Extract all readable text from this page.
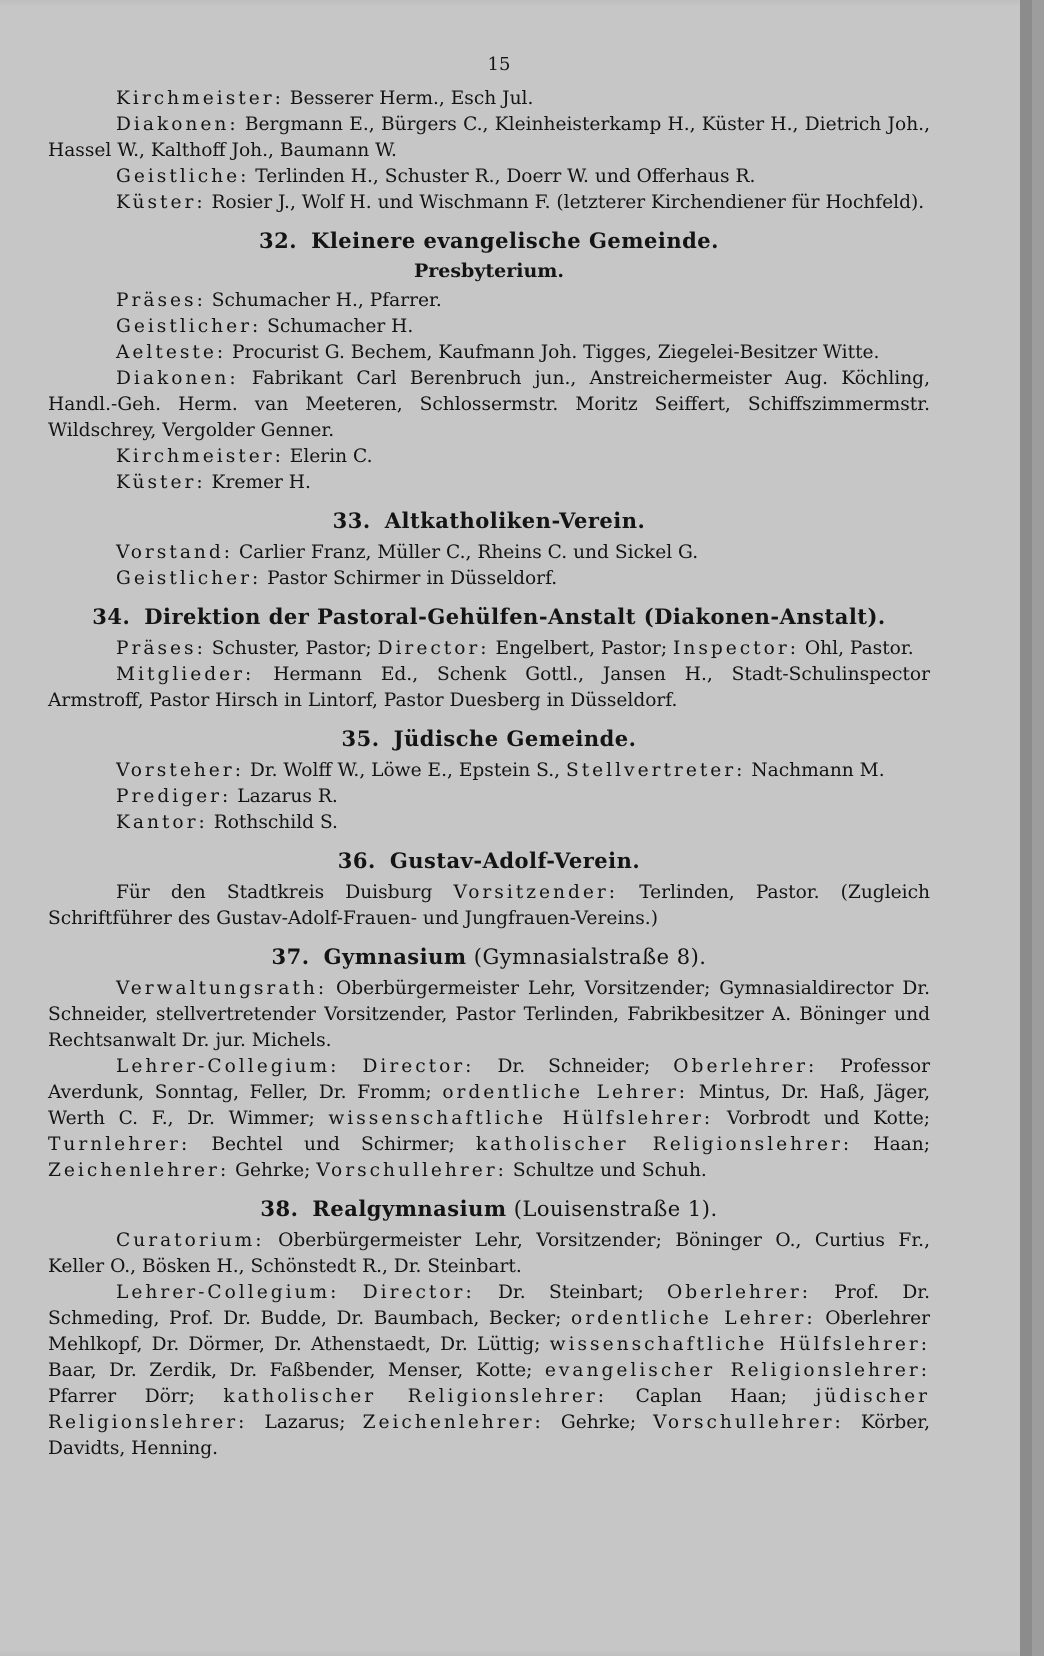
15

Kirchmeister: Besserer Herm., Esch Jul.

Diakonen: Bergmann E., Bürgers C., Kleinheisterkamp H., Küster H., Dietrich Joh., Hassel W., Kalthoff Joh., Baumann W.

Geistliche: Terlinden H., Schuster R., Doerr W. und Offerhaus R.

Küster: Rosier J., Wolf H. und Wischmann F. (letzterer Kirchendiener für Hochfeld).

32. Kleinere evangelische Gemeinde.
Presbyterium.

Präses: Schumacher H., Pfarrer.

Geistlicher: Schumacher H.

Aelteste: Procurist G. Bechem, Kaufmann Joh. Tigges, Ziegelei-Besitzer Witte.

Diakonen: Fabrikant Carl Berenbruch jun., Anstreichermeister Aug. Köchling, Handl.-Geh. Herm. van Meeteren, Schlossermstr. Moritz Seiffert, Schiffszimmermstr. Wildschrey, Vergolder Genner.

Kirchmeister: Elerin C.

Küster: Kremer H.

33. Altkatholiken-Verein.

Vorstand: Carlier Franz, Müller C., Rheins C. und Sickel G.

Geistlicher: Pastor Schirmer in Düsseldorf.

34. Direktion der Pastoral-Gehülfen-Anstalt (Diakonen-Anstalt).

Präses: Schuster, Pastor; Director: Engelbert, Pastor; Inspector: Ohl, Pastor.

Mitglieder: Hermann Ed., Schenk Gottl., Jansen H., Stadt-Schulinspector Armstroff, Pastor Hirsch in Lintorf, Pastor Duesberg in Düsseldorf.

35. Jüdische Gemeinde.

Vorsteher: Dr. Wolff W., Löwe E., Epstein S., Stellvertreter: Nachmann M.

Prediger: Lazarus R.

Kantor: Rothschild S.

36. Gustav-Adolf-Verein.

Für den Stadtkreis Duisburg Vorsitzender: Terlinden, Pastor. (Zugleich Schriftführer des Gustav-Adolf-Frauen- und Jungfrauen-Vereins.)

37. Gymnasium (Gymnasialstraße 8).

Verwaltungsrath: Oberbürgermeister Lehr, Vorsitzender; Gymnasialdirector Dr. Schneider, stellvertretender Vorsitzender, Pastor Terlinden, Fabrikbesitzer A. Böninger und Rechtsanwalt Dr. jur. Michels.

Lehrer-Collegium: Director: Dr. Schneider; Oberlehrer: Professor Averdunk, Sonntag, Feller, Dr. Fromm; ordentliche Lehrer: Mintus, Dr. Haß, Jäger, Werth C. F., Dr. Wimmer; wissenschaftliche Hülfslehrer: Vorbrodt und Kotte; Turnlehrer: Bechtel und Schirmer; katholischer Religionslehrer: Haan; Zeichenlehrer: Gehrke; Vorschullehrer: Schultze und Schuh.

38. Realgymnasium (Louisenstraße 1).

Curatorium: Oberbürgermeister Lehr, Vorsitzender; Böninger O., Curtius Fr., Keller O., Bösken H., Schönstedt R., Dr. Steinbart.

Lehrer-Collegium: Director: Dr. Steinbart; Oberlehrer: Prof. Dr. Schmeding, Prof. Dr. Budde, Dr. Baumbach, Becker; ordentliche Lehrer: Oberlehrer Mehlkopf, Dr. Dörmer, Dr. Athenstaedt, Dr. Lüttig; wissenschaftliche Hülfslehrer: Baar, Dr. Zerdik, Dr. Faßbender, Menser, Kotte; evangelischer Religionslehrer: Pfarrer Dörr; katholischer Religionslehrer: Caplan Haan; jüdischer Religionslehrer: Lazarus; Zeichenlehrer: Gehrke; Vorschullehrer: Körber, Davidts, Henning.
